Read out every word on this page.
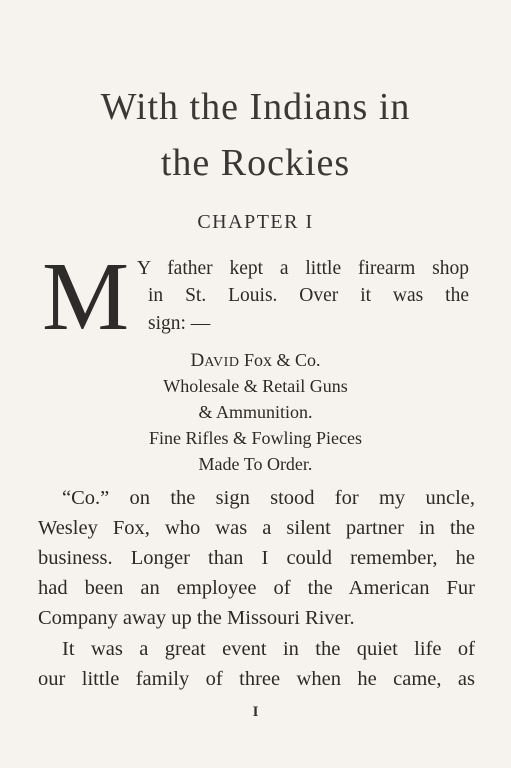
With the Indians in
the Rockies
CHAPTER I
M Y father kept a little firearm shop
in St. Louis. Over it was the
sign: —
DAVID Fox & Co.
Wholesale & Retail Guns
& Ammunition.
Fine Rifles & Fowling Pieces
Made To Order.
“Co.” on the sign stood for my uncle,
Wesley Fox, who was a silent partner in the
business. Longer than I could remember, he
had been an employee of the American Fur
Company away up the Missouri River.
It was a great event in the quiet life of
our little family of three when he came, as
I
